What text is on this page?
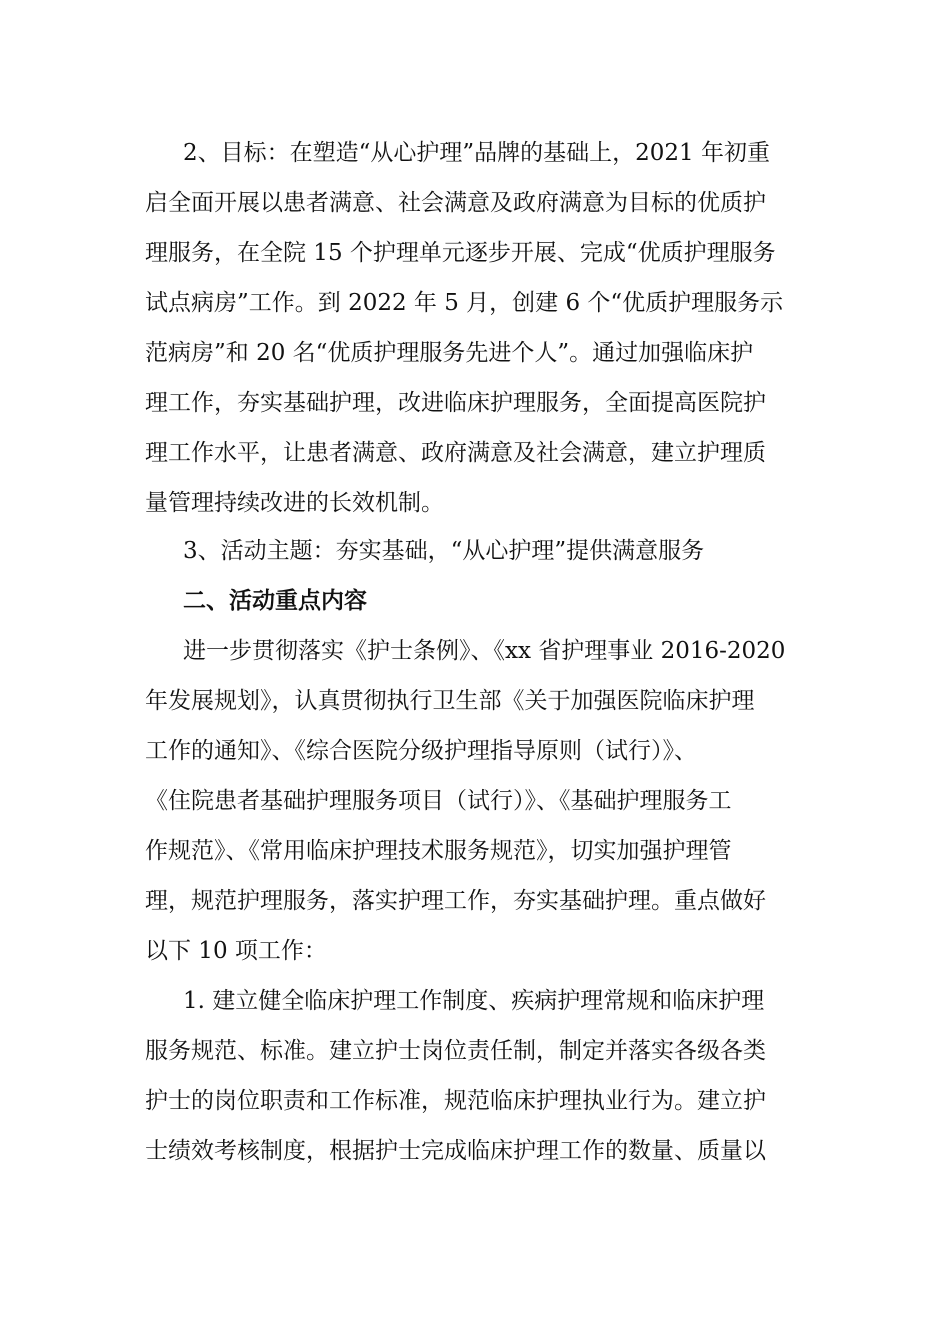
2、目标：在塑造“从心护理”品牌的基础上，2021 年初重
启全面开展以患者满意、社会满意及政府满意为目标的优质护
理服务，在全院 15 个护理单元逐步开展、完成“优质护理服务
试点病房”工作。到 2022 年 5 月，创建 6 个“优质护理服务示
范病房”和 20 名“优质护理服务先进个人”。通过加强临床护
理工作，夯实基础护理，改进临床护理服务，全面提高医院护
理工作水平，让患者满意、政府满意及社会满意，建立护理质
量管理持续改进的长效机制。
3、活动主题：夯实基础，“从心护理”提供满意服务
二、活动重点内容
进一步贯彻落实《护士条例》、《xx 省护理事业 2016-2020
年发展规划》，认真贯彻执行卫生部《关于加强医院临床护理
工作的通知》、《综合医院分级护理指导原则（试行）》、
《住院患者基础护理服务项目（试行）》、《基础护理服务工
作规范》、《常用临床护理技术服务规范》，切实加强护理管
理，规范护理服务，落实护理工作，夯实基础护理。重点做好
以下 10 项工作：
1. 建立健全临床护理工作制度、疾病护理常规和临床护理
服务规范、标准。建立护士岗位责任制，制定并落实各级各类
护士的岗位职责和工作标准，规范临床护理执业行为。建立护
士绩效考核制度，根据护士完成临床护理工作的数量、质量以
